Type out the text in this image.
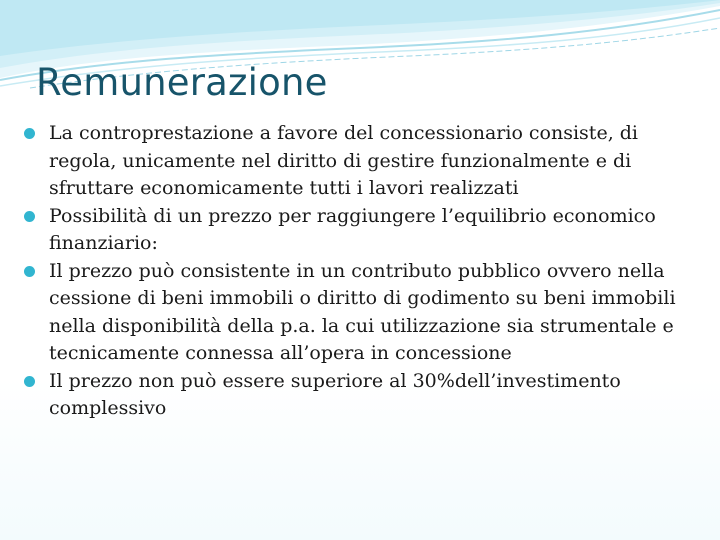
Remunerazione
La controprestazione a favore del concessionario consiste, di regola, unicamente nel diritto di gestire funzionalmente e di sfruttare economicamente tutti i lavori realizzati
Possibilità di un prezzo per raggiungere l’equilibrio economico finanziario:
Il prezzo può consistente in un contributo pubblico ovvero nella cessione di beni immobili o diritto di godimento su beni immobili nella disponibilità della p.a. la cui utilizzazione sia strumentale e tecnicamente connessa all’opera in concessione
Il prezzo non può essere superiore al 30%dell’investimento complessivo
